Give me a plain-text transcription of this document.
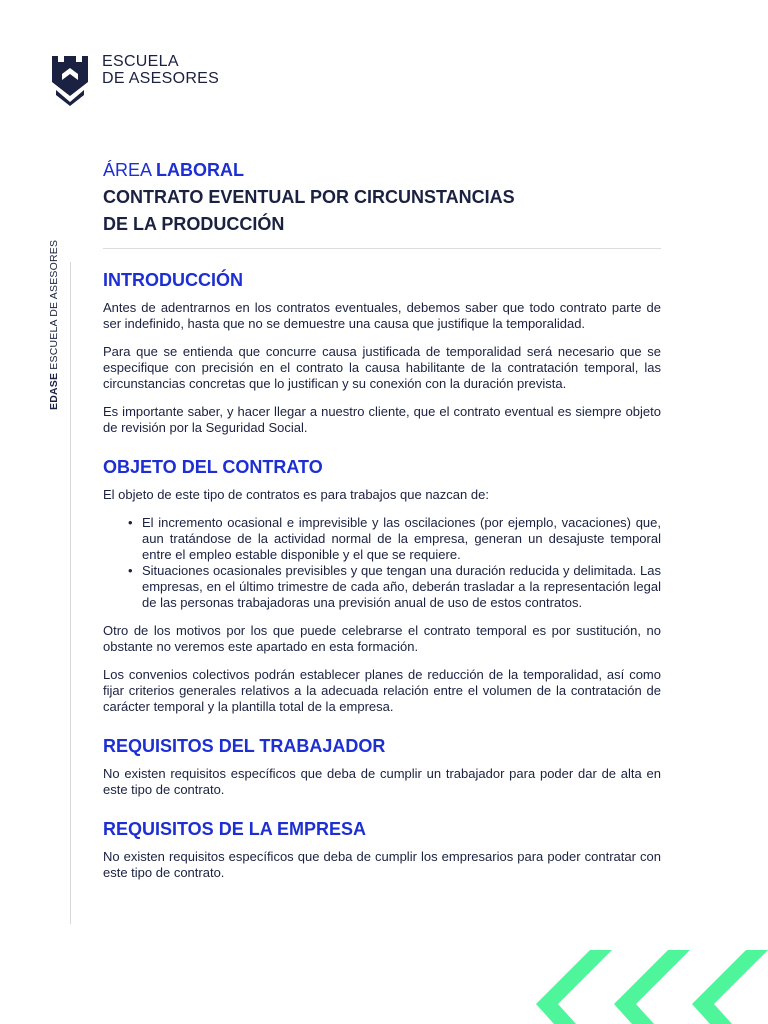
ESCUELA
DE ASESORES
EDASE ESCUELA DE ASESORES
ÁREA LABORAL
CONTRATO EVENTUAL POR CIRCUNSTANCIAS
DE LA PRODUCCIÓN
INTRODUCCIÓN

Antes de adentrarnos en los contratos eventuales, debemos saber que todo contrato parte de ser indefinido, hasta que no se demuestre una causa que justifique la temporalidad.

Para que se entienda que concurre causa justificada de temporalidad será necesario que se especifique con precisión en el contrato la causa habilitante de la contratación temporal, las circunstancias concretas que lo justifican y su conexión con la duración prevista.

Es importante saber, y hacer llegar a nuestro cliente, que el contrato eventual es siempre objeto de revisión por la Seguridad Social.

OBJETO DEL CONTRATO

El objeto de este tipo de contratos es para trabajos que nazcan de:

• El incremento ocasional e imprevisible y las oscilaciones (por ejemplo, vacaciones) que, aun tratándose de la actividad normal de la empresa, generan un desajuste temporal entre el empleo estable disponible y el que se requiere.
• Situaciones ocasionales previsibles y que tengan una duración reducida y delimitada. Las empresas, en el último trimestre de cada año, deberán trasladar a la representación legal de las personas trabajadoras una previsión anual de uso de estos contratos.

Otro de los motivos por los que puede celebrarse el contrato temporal es por sustitución, no obstante no veremos este apartado en esta formación.

Los convenios colectivos podrán establecer planes de reducción de la temporalidad, así como fijar criterios generales relativos a la adecuada relación entre el volumen de la contratación de carácter temporal y la plantilla total de la empresa.

REQUISITOS DEL TRABAJADOR

No existen requisitos específicos que deba de cumplir un trabajador para poder dar de alta en este tipo de contrato.

REQUISITOS DE LA EMPRESA

No existen requisitos específicos que deba de cumplir los empresarios para poder contratar con este tipo de contrato.
